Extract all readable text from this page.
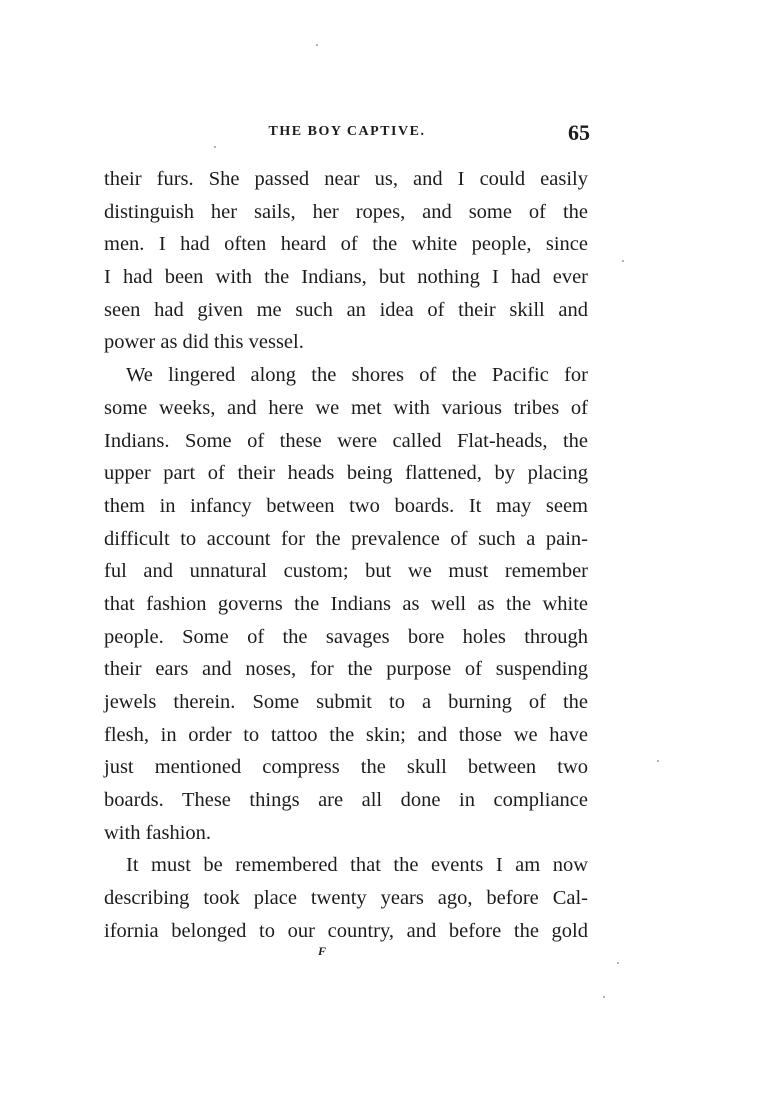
THE BOY CAPTIVE.	65
their furs. She passed near us, and I could easily
distinguish her sails, her ropes, and some of the
men. I had often heard of the white people, since
I had been with the Indians, but nothing I had ever
seen had given me such an idea of their skill and
power as did this vessel.
We lingered along the shores of the Pacific for
some weeks, and here we met with various tribes of
Indians. Some of these were called Flat-heads, the
upper part of their heads being flattened, by placing
them in infancy between two boards. It may seem
difficult to account for the prevalence of such a pain-
ful and unnatural custom; but we must remember
that fashion governs the Indians as well as the white
people. Some of the savages bore holes through
their ears and noses, for the purpose of suspending
jewels therein. Some submit to a burning of the
flesh, in order to tattoo the skin; and those we have
just mentioned compress the skull between two
boards. These things are all done in compliance
with fashion.
It must be remembered that the events I am now
describing took place twenty years ago, before Cal-
ifornia belonged to our country, and before the gold
F
